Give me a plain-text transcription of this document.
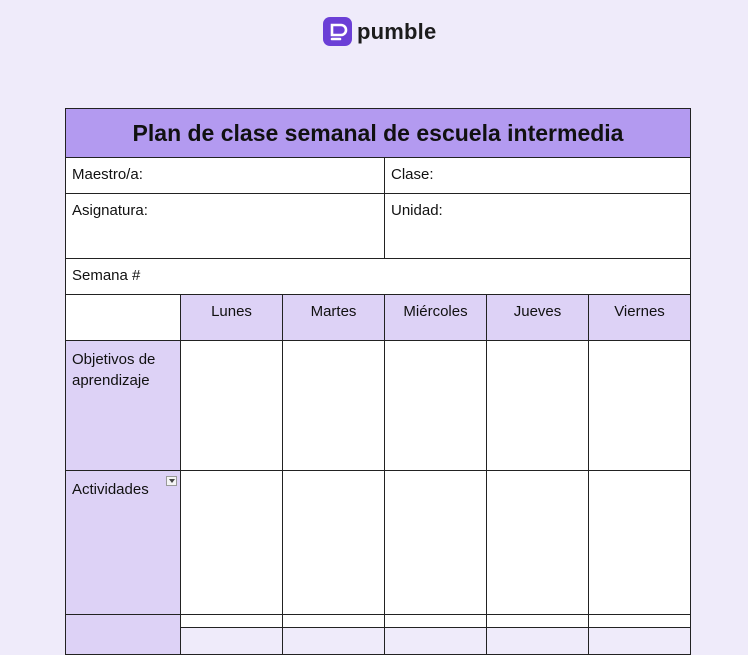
pumble
Plan de clase semanal de escuela intermedia					
Maestro/a:			Clase:		
Asignatura:			Unidad:		
Semana #					
	Lunes	Martes	Miércoles	Jueves	Viernes
Objetivos de aprendizaje					
Actividades
